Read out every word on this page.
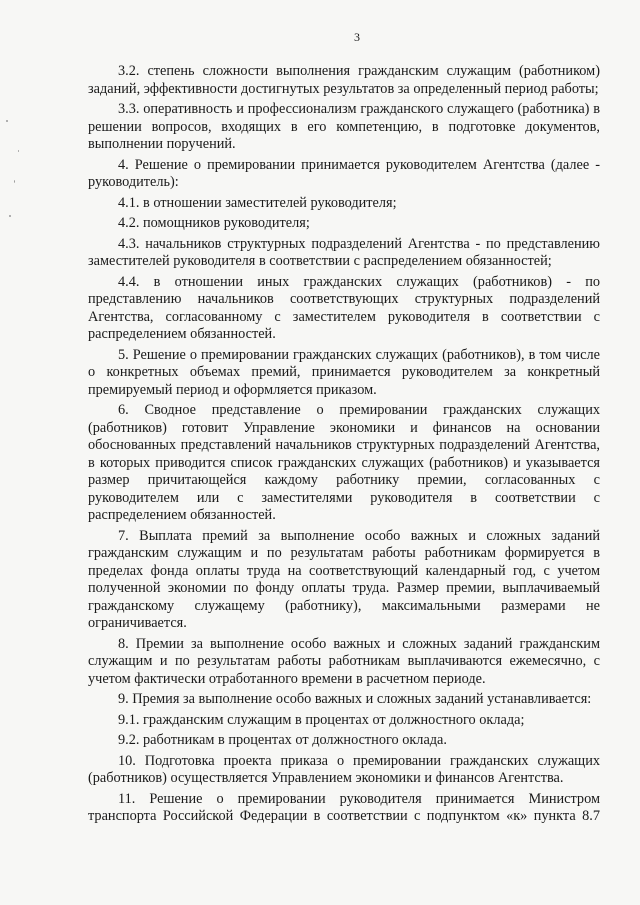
3

3.2. степень сложности выполнения гражданским служащим (работником) заданий, эффективности достигнутых результатов за определенный период работы;

3.3. оперативность и профессионализм гражданского служащего (работника) в решении вопросов, входящих в его компетенцию, в подготовке документов, выполнении поручений.

4. Решение о премировании принимается руководителем Агентства (далее - руководитель):

4.1. в отношении заместителей руководителя;

4.2. помощников руководителя;

4.3. начальников структурных подразделений Агентства - по представлению заместителей руководителя в соответствии с распределением обязанностей;

4.4. в отношении иных гражданских служащих (работников) - по представлению начальников соответствующих структурных подразделений Агентства, согласованному с заместителем руководителя в соответствии с распределением обязанностей.

5. Решение о премировании гражданских служащих (работников), в том числе о конкретных объемах премий, принимается руководителем за конкретный премируемый период и оформляется приказом.

6. Сводное представление о премировании гражданских служащих (работников) готовит Управление экономики и финансов на основании обоснованных представлений начальников структурных подразделений Агентства, в которых приводится список гражданских служащих (работников) и указывается размер причитающейся каждому работнику премии, согласованных с руководителем или с заместителями руководителя в соответствии с распределением обязанностей.

7. Выплата премий за выполнение особо важных и сложных заданий гражданским служащим и по результатам работы работникам формируется в пределах фонда оплаты труда на соответствующий календарный год, с учетом полученной экономии по фонду оплаты труда. Размер премии, выплачиваемый гражданскому служащему (работнику), максимальными размерами не ограничивается.

8. Премии за выполнение особо важных и сложных заданий гражданским служащим и по результатам работы работникам выплачиваются ежемесячно, с учетом фактически отработанного времени в расчетном периоде.

9. Премия за выполнение особо важных и сложных заданий устанавливается:

9.1. гражданским служащим в процентах от должностного оклада;

9.2. работникам в процентах от должностного оклада.

10. Подготовка проекта приказа о премировании гражданских служащих (работников) осуществляется Управлением экономики и финансов Агентства.

11. Решение о премировании руководителя принимается Министром транспорта Российской Федерации в соответствии с подпунктом «к» пункта 8.7
